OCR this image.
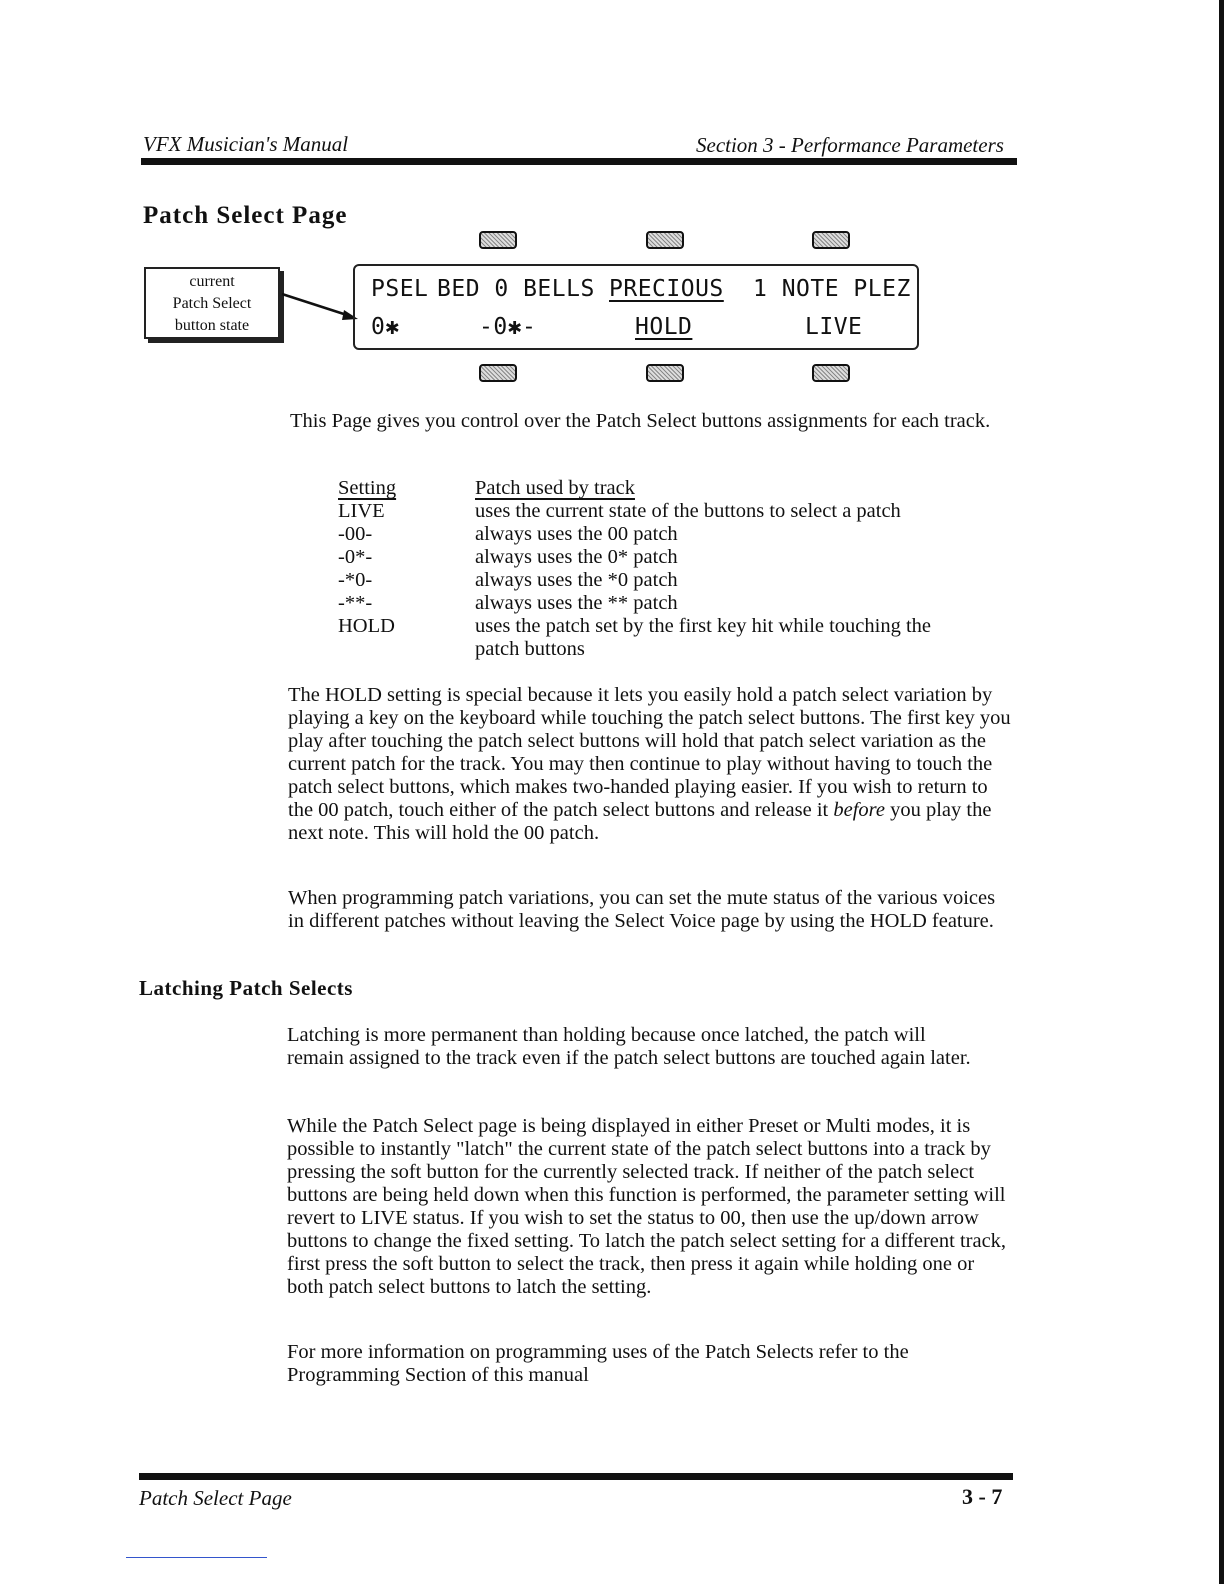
VFX Musician's Manual	Section 3 - Performance Parameters
Patch Select Page
current
Patch Select
button state
PSEL BED 0 BELLS PRECIOUS 1 NOTE PLEZ
0✱	-0✱-	HOLD	LIVE

This Page gives you control over the Patch Select buttons assignments for each track.

Setting	Patch used by track
LIVE	uses the current state of the buttons to select a patch
-00-	always uses the 00 patch
-0*-	always uses the 0* patch
-*0-	always uses the *0 patch
-**-	always uses the ** patch
HOLD	uses the patch set by the first key hit while touching the patch buttons

The HOLD setting is special because it lets you easily hold a patch select variation by playing a key on the keyboard while touching the patch select buttons. The first key you play after touching the patch select buttons will hold that patch select variation as the current patch for the track. You may then continue to play without having to touch the patch select buttons, which makes two-handed playing easier. If you wish to return to the 00 patch, touch either of the patch select buttons and release it before you play the next note. This will hold the 00 patch.

When programming patch variations, you can set the mute status of the various voices in different patches without leaving the Select Voice page by using the HOLD feature.

Latching Patch Selects

Latching is more permanent than holding because once latched, the patch will remain assigned to the track even if the patch select buttons are touched again later.

While the Patch Select page is being displayed in either Preset or Multi modes, it is possible to instantly "latch" the current state of the patch select buttons into a track by pressing the soft button for the currently selected track. If neither of the patch select buttons are being held down when this function is performed, the parameter setting will revert to LIVE status. If you wish to set the status to 00, then use the up/down arrow buttons to change the fixed setting. To latch the patch select setting for a different track, first press the soft button to select the track, then press it again while holding one or both patch select buttons to latch the setting.

For more information on programming uses of the Patch Selects refer to the Programming Section of this manual

Patch Select Page	3 - 7
